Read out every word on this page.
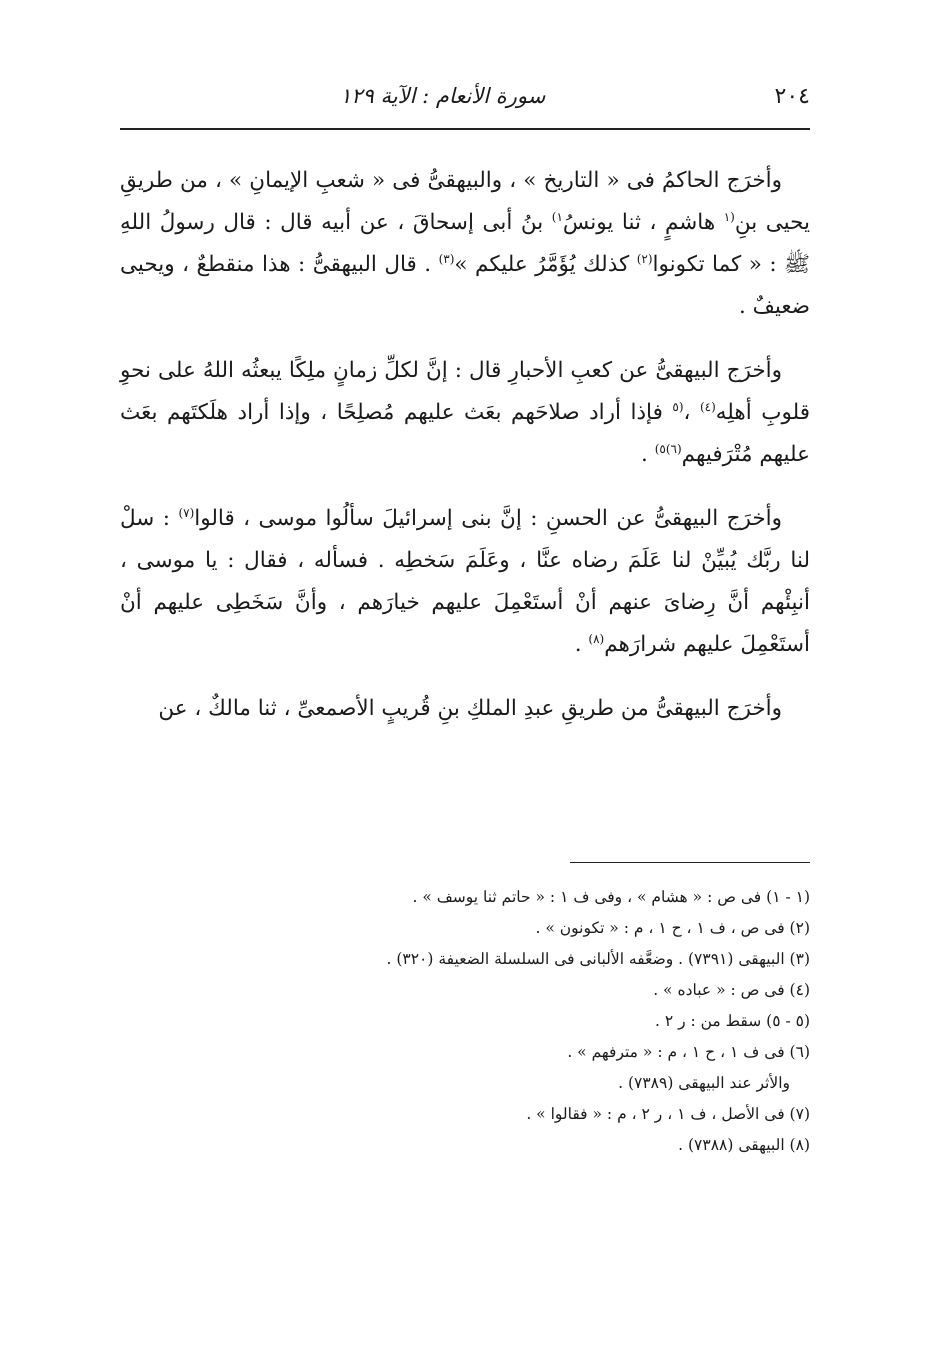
٢٠٤
سورة الأنعام : الآية ١٢٩

وأخرَج الحاكمُ فى « التاريخ » ، والبيهقىُّ فى « شعبِ الإيمانِ » ، من طريقِ يحيى بنِ$^{(١}$ هاشمٍ ، ثنا يونسُ$^{١)}$ بنُ أبى إسحاقَ ، عن أبيه قال : قال رسولُ اللهِ ﷺ : « كما تكونوا$^{(٢)}$ كذلك يُؤَمَّرُ عليكم »$^{(٣)}$ . قال البيهقىُّ : هذا منقطعٌ ، ويحيى ضعيفٌ .

وأخرَج البيهقىُّ عن كعبِ الأحبارِ قال : إنَّ لكلِّ زمانٍ ملِكًا يبعثُه اللهُ على نحوِ قلوبِ أهلِه$^{(٤)}$ ،$^{(٥}$ فإذا أراد صلاحَهم بعَث عليهم مُصلِحًا ، وإذا أراد هلَكتَهم بعَث عليهم مُتْرَفيهم$^{(٦)٥)}$ .

وأخرَج البيهقىُّ عن الحسنِ : إنَّ بنى إسرائيلَ سألُوا موسى ، قالوا$^{(٧)}$ : سلْ لنا ربَّك يُبيِّنْ لنا عَلَمَ رضاه عنَّا ، وعَلَمَ سَخطِه . فسأله ، فقال : يا موسى ، أنبِئْهم أنَّ رِضاىَ عنهم أنْ أستَعْمِلَ عليهم خيارَهم ، وأنَّ سَخَطِى عليهم أنْ أستَعْمِلَ عليهم شرارَهم$^{(٨)}$ .

وأخرَج البيهقىُّ من طريقِ عبدِ الملكِ بنِ قُريبٍ الأصمعىِّ ، ثنا مالكٌ ، عن

(١ - ١) فى ص : « هشام » ، وفى ف ١ : « حاتم ثنا يوسف » .
(٢) فى ص ، ف ١ ، ح ١ ، م : « تكونون » .
(٣) البيهقى (٧٣٩١) . وضعَّفه الألبانى فى السلسلة الضعيفة (٣٢٠) .
(٤) فى ص : « عباده » .
(٥ - ٥) سقط من : ر ٢ .
(٦) فى ف ١ ، ح ١ ، م : « مترفهم » .
والأثر عند البيهقى (٧٣٨٩) .
(٧) فى الأصل ، ف ١ ، ر ٢ ، م : « فقالوا » .
(٨) البيهقى (٧٣٨٨) .
